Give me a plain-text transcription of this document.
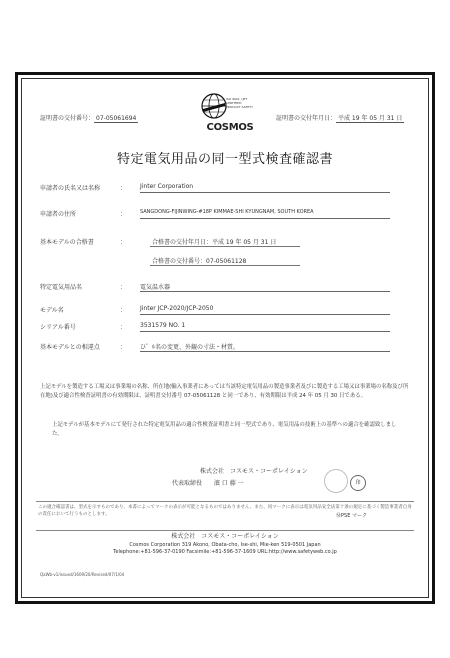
証明書の交付番号： 07-05061694	証明書の交付年月日： 平成 19 年 05 月 31 日
ISO 9001 / JET CERTIFIED PRODUCT SAFETY
COSMOS
特定電気用品の同一型式検査確認書
申請者の氏名又は名称	： Jinter Corporation
申請者の住所	：	SANGDONG-FIJINWING-#18P KIMMAE-SHI KYUNGNAM, SOUTH KOREA
基本モデルの合格書	：	合格書の交付年月日：平成 19 年 05 月 31 日
合格書の交付番号：07-05061128
特定電気用品名	： 電気温水器
モデル名	： Jinter JCP-2020/JCP-2050
シリアル番号	： 3531579 NO. 1
基本モデルとの相違点	： ひ゜ﾙ名の変更、外観の寸法・材質。
上記モデルを製造する工場又は事業場の名称、所在地(輸入事業者にあっては当該特定電気用品の製造事業者及びに製造する工場又は事業場の名称及び所在地)及び適合性検査証明書の有効期限は、証明書交付番号 07-05061128 と同一であり、有効期限は平成 24 年 05 月 30 日である。
上記モデルが基本モデルにて発行された特定電気用品の適合性検査証明書と同一型式であり、電気用品の技術上の基準への適合を確認致しました。
株式会社　コスモス・コーポレイション
代表取締役　　濱 口 藤 一	印
この適合確認書は、型式を示すものであり、本書によってマークの表示が可能となるものではありません。また、同マークに表示は電気用品安全法第十条の規定に基づく製造事業者自身の責任において行うものとします。	ⓂPSE マーク
株式会社　コスモス・コーポレイション
Cosmos Corporation 319 Akono, Obata-cho, Ise-shi, Mie-ken 519-0501 Japan
Telephone:+81-596-37-0190 Facsimile:+81-596-37-1609 URL:http://www.safetyweb.co.jp
QaWb-v1/issued/1609/20/Revised/07/1/04
